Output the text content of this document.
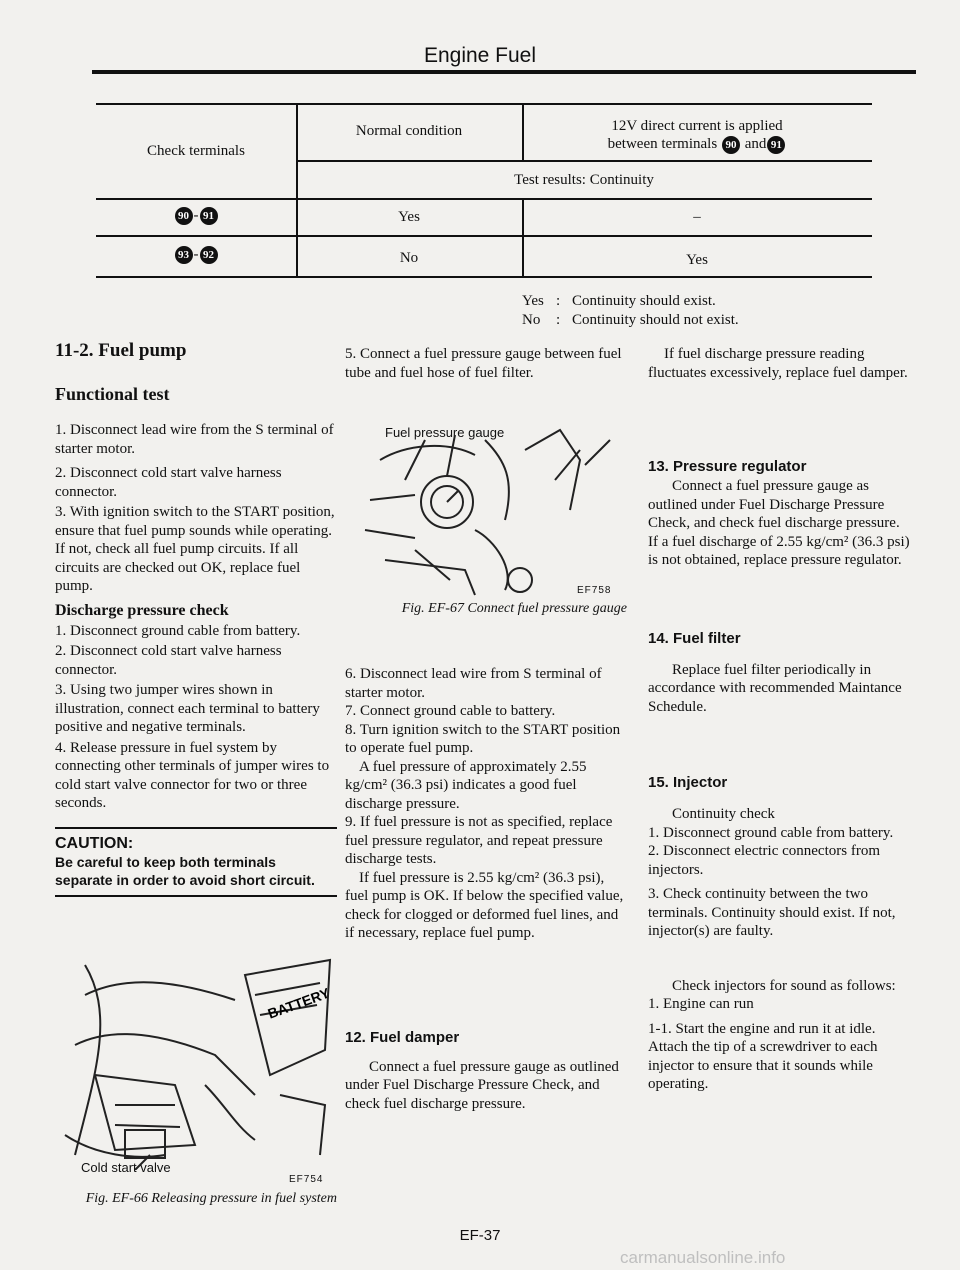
Engine Fuel
Check terminals
Normal condition	12V direct current is applied
between terminals 90 and 91
Test results: Continuity
90 - 91	Yes	–
93 - 92	No	Yes
Yes : Continuity should exist.
No : Continuity should not exist.
11-2. Fuel pump
Functional test

1. Disconnect lead wire from the S terminal of starter motor.

2. Disconnect cold start valve harness connector.

3. With ignition switch to the START position, ensure that fuel pump sounds while operating. If not, check all fuel pump circuits. If all circuits are checked out OK, replace fuel pump.

Discharge pressure check

1. Disconnect ground cable from battery.

2. Disconnect cold start valve harness connector.

3. Using two jumper wires shown in illustration, connect each terminal to battery positive and negative terminals.

4. Release pressure in fuel system by connecting other terminals of jumper wires to cold start valve connector for two or three seconds.

CAUTION:
Be careful to keep both terminals separate in order to avoid short circuit.
BATTERY
Cold start valve
EF754
Fig. EF-66 Releasing pressure in fuel system

5. Connect a fuel pressure gauge between fuel tube and fuel hose of fuel filter.

Fuel pressure gauge
EF758
Fig. EF-67 Connect fuel pressure gauge

6. Disconnect lead wire from S terminal of starter motor.

7. Connect ground cable to battery.

8. Turn ignition switch to the START position to operate fuel pump.

A fuel pressure of approximately 2.55 kg/cm² (36.3 psi) indicates a good fuel discharge pressure.

9. If fuel pressure is not as specified, replace fuel pressure regulator, and repeat pressure discharge tests.

If fuel pressure is 2.55 kg/cm² (36.3 psi), fuel pump is OK. If below the specified value, check for clogged or deformed fuel lines, and if necessary, replace fuel pump.

12. Fuel damper

Connect a fuel pressure gauge as outlined under Fuel Discharge Pressure Check, and check fuel discharge pressure.

If fuel discharge pressure reading fluctuates excessively, replace fuel damper.

13. Pressure regulator

Connect a fuel pressure gauge as outlined under Fuel Discharge Pressure Check, and check fuel discharge pressure. If a fuel discharge of 2.55 kg/cm² (36.3 psi) is not obtained, replace pressure regulator.

14. Fuel filter

Replace fuel filter periodically in accordance with recommended Maintance Schedule.

15. Injector

Continuity check

1. Disconnect ground cable from battery.

2. Disconnect electric connectors from injectors.

3. Check continuity between the two terminals. Continuity should exist. If not, injector(s) are faulty.

Check injectors for sound as follows:

1. Engine can run

1-1. Start the engine and run it at idle. Attach the tip of a screwdriver to each injector to ensure that it sounds while operating.

EF-37
carmanualsonline.info
